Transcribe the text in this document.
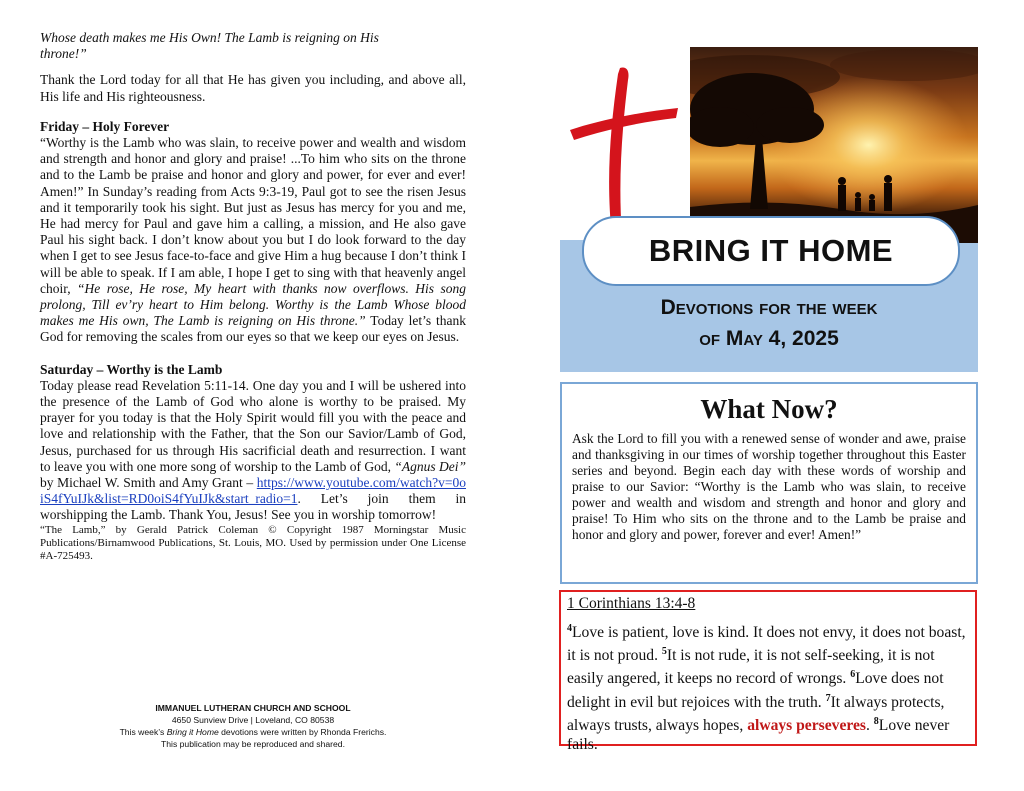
Whose death makes me His Own! The Lamb is reigning on His throne!”

Thank the Lord today for all that He has given you including, and above all, His life and His righteousness.

Friday – Holy Forever

“Worthy is the Lamb who was slain, to receive power and wealth and wisdom and strength and honor and glory and praise! ...To him who sits on the throne and to the Lamb be praise and honor and glory and power, for ever and ever! Amen!” In Sunday’s reading from Acts 9:3-19, Paul got to see the risen Jesus and it temporarily took his sight. But just as Jesus has mercy for you and me, He had mercy for Paul and gave him a calling, a mission, and He also gave Paul his sight back. I don’t know about you but I do look forward to the day when I get to see Jesus face-to-face and give Him a hug because I don’t think I will be able to speak. If I am able, I hope I get to sing with that heavenly angel choir, “He rose, He rose, My heart with thanks now overflows. His song prolong, Till ev’ry heart to Him belong. Worthy is the Lamb Whose blood makes me His own, The Lamb is reigning on His throne.” Today let’s thank God for removing the scales from our eyes so that we keep our eyes on Jesus.

Saturday – Worthy is the Lamb

Today please read Revelation 5:11-14. One day you and I will be ushered into the presence of the Lamb of God who alone is worthy to be praised. My prayer for you today is that the Holy Spirit would fill you with the peace and love and relationship with the Father, that the Son our Savior/Lamb of God, Jesus, purchased for us through His sacrificial death and resurrection. I want to leave you with one more song of worship to the Lamb of God, “Agnus Dei” by Michael W. Smith and Amy Grant – https://www.youtube.com/watch?v=0oiS4fYuIJk&list=RD0oiS4fYuIJk&start_radio=1. Let’s join them in worshipping the Lamb. Thank You, Jesus! See you in worship tomorrow!

“The Lamb,” by Gerald Patrick Coleman © Copyright 1987 Morningstar Music Publications/Birnamwood Publications, St. Louis, MO. Used by permission under One License #A-725493.

IMMANUEL LUTHERAN CHURCH AND SCHOOL
4650 Sunview Drive | Loveland, CO 80538
This week’s Bring it Home devotions were written by Rhonda Frerichs.
This publication may be reproduced and shared.
BRING IT HOME
Devotions for the week
of May 4, 2025
What Now?

Ask the Lord to fill you with a renewed sense of wonder and awe, praise and thanksgiving in our times of worship together throughout this Easter series and beyond. Begin each day with these words of worship and praise to our Savior: “Worthy is the Lamb who was slain, to receive power and wealth and wisdom and strength and honor and glory and praise! To Him who sits on the throne and to the Lamb be praise and honor and glory and power, forever and ever! Amen!”

1 Corinthians 13:4-8

$^4$Love is patient, love is kind. It does not envy, it does not boast, it is not proud. $^5$It is not rude, it is not self-seeking, it is not easily angered, it keeps no record of wrongs. $^6$Love does not delight in evil but rejoices with the truth. $^7$It always protects, always trusts, always hopes, always perseveres. $^8$Love never fails.
